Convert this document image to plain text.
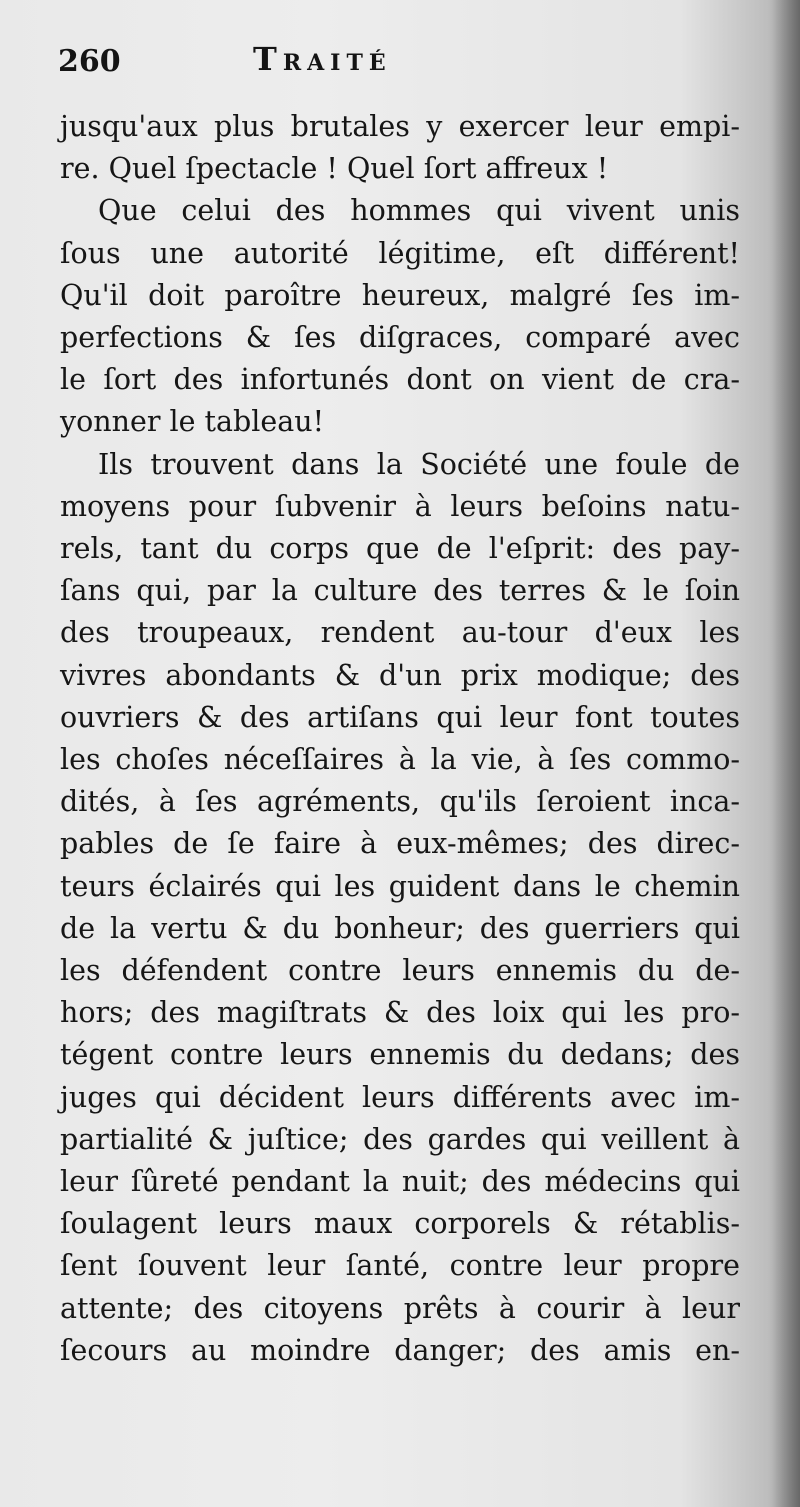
260	Traité
jusqu'aux plus brutales y exercer leur empi-
re. Quel ſpectacle ! Quel ſort affreux !
Que celui des hommes qui vivent unis
ſous une autorité légitime, eſt différent!
Qu'il doit paroître heureux, malgré ſes im-
perfections & ſes diſgraces, comparé avec
le ſort des infortunés dont on vient de cra-
yonner le tableau!
Ils trouvent dans la Société une foule de
moyens pour ſubvenir à leurs beſoins natu-
rels, tant du corps que de l'eſprit: des pay-
ſans qui, par la culture des terres & le ſoin
des troupeaux, rendent au-tour d'eux les
vivres abondants & d'un prix modique; des
ouvriers & des artiſans qui leur font toutes
les choſes néceſſaires à la vie, à ſes commo-
dités, à ſes agréments, qu'ils ſeroient inca-
pables de ſe faire à eux-mêmes; des direc-
teurs éclairés qui les guident dans le chemin
de la vertu & du bonheur; des guerriers qui
les défendent contre leurs ennemis du de-
hors; des magiſtrats & des loix qui les pro-
tégent contre leurs ennemis du dedans; des
juges qui décident leurs différents avec im-
partialité & juſtice; des gardes qui veillent à
leur ſûreté pendant la nuit; des médecins qui
ſoulagent leurs maux corporels & rétablis-
ſent ſouvent leur ſanté, contre leur propre
attente; des citoyens prêts à courir à leur
ſecours au moindre danger; des amis en-
